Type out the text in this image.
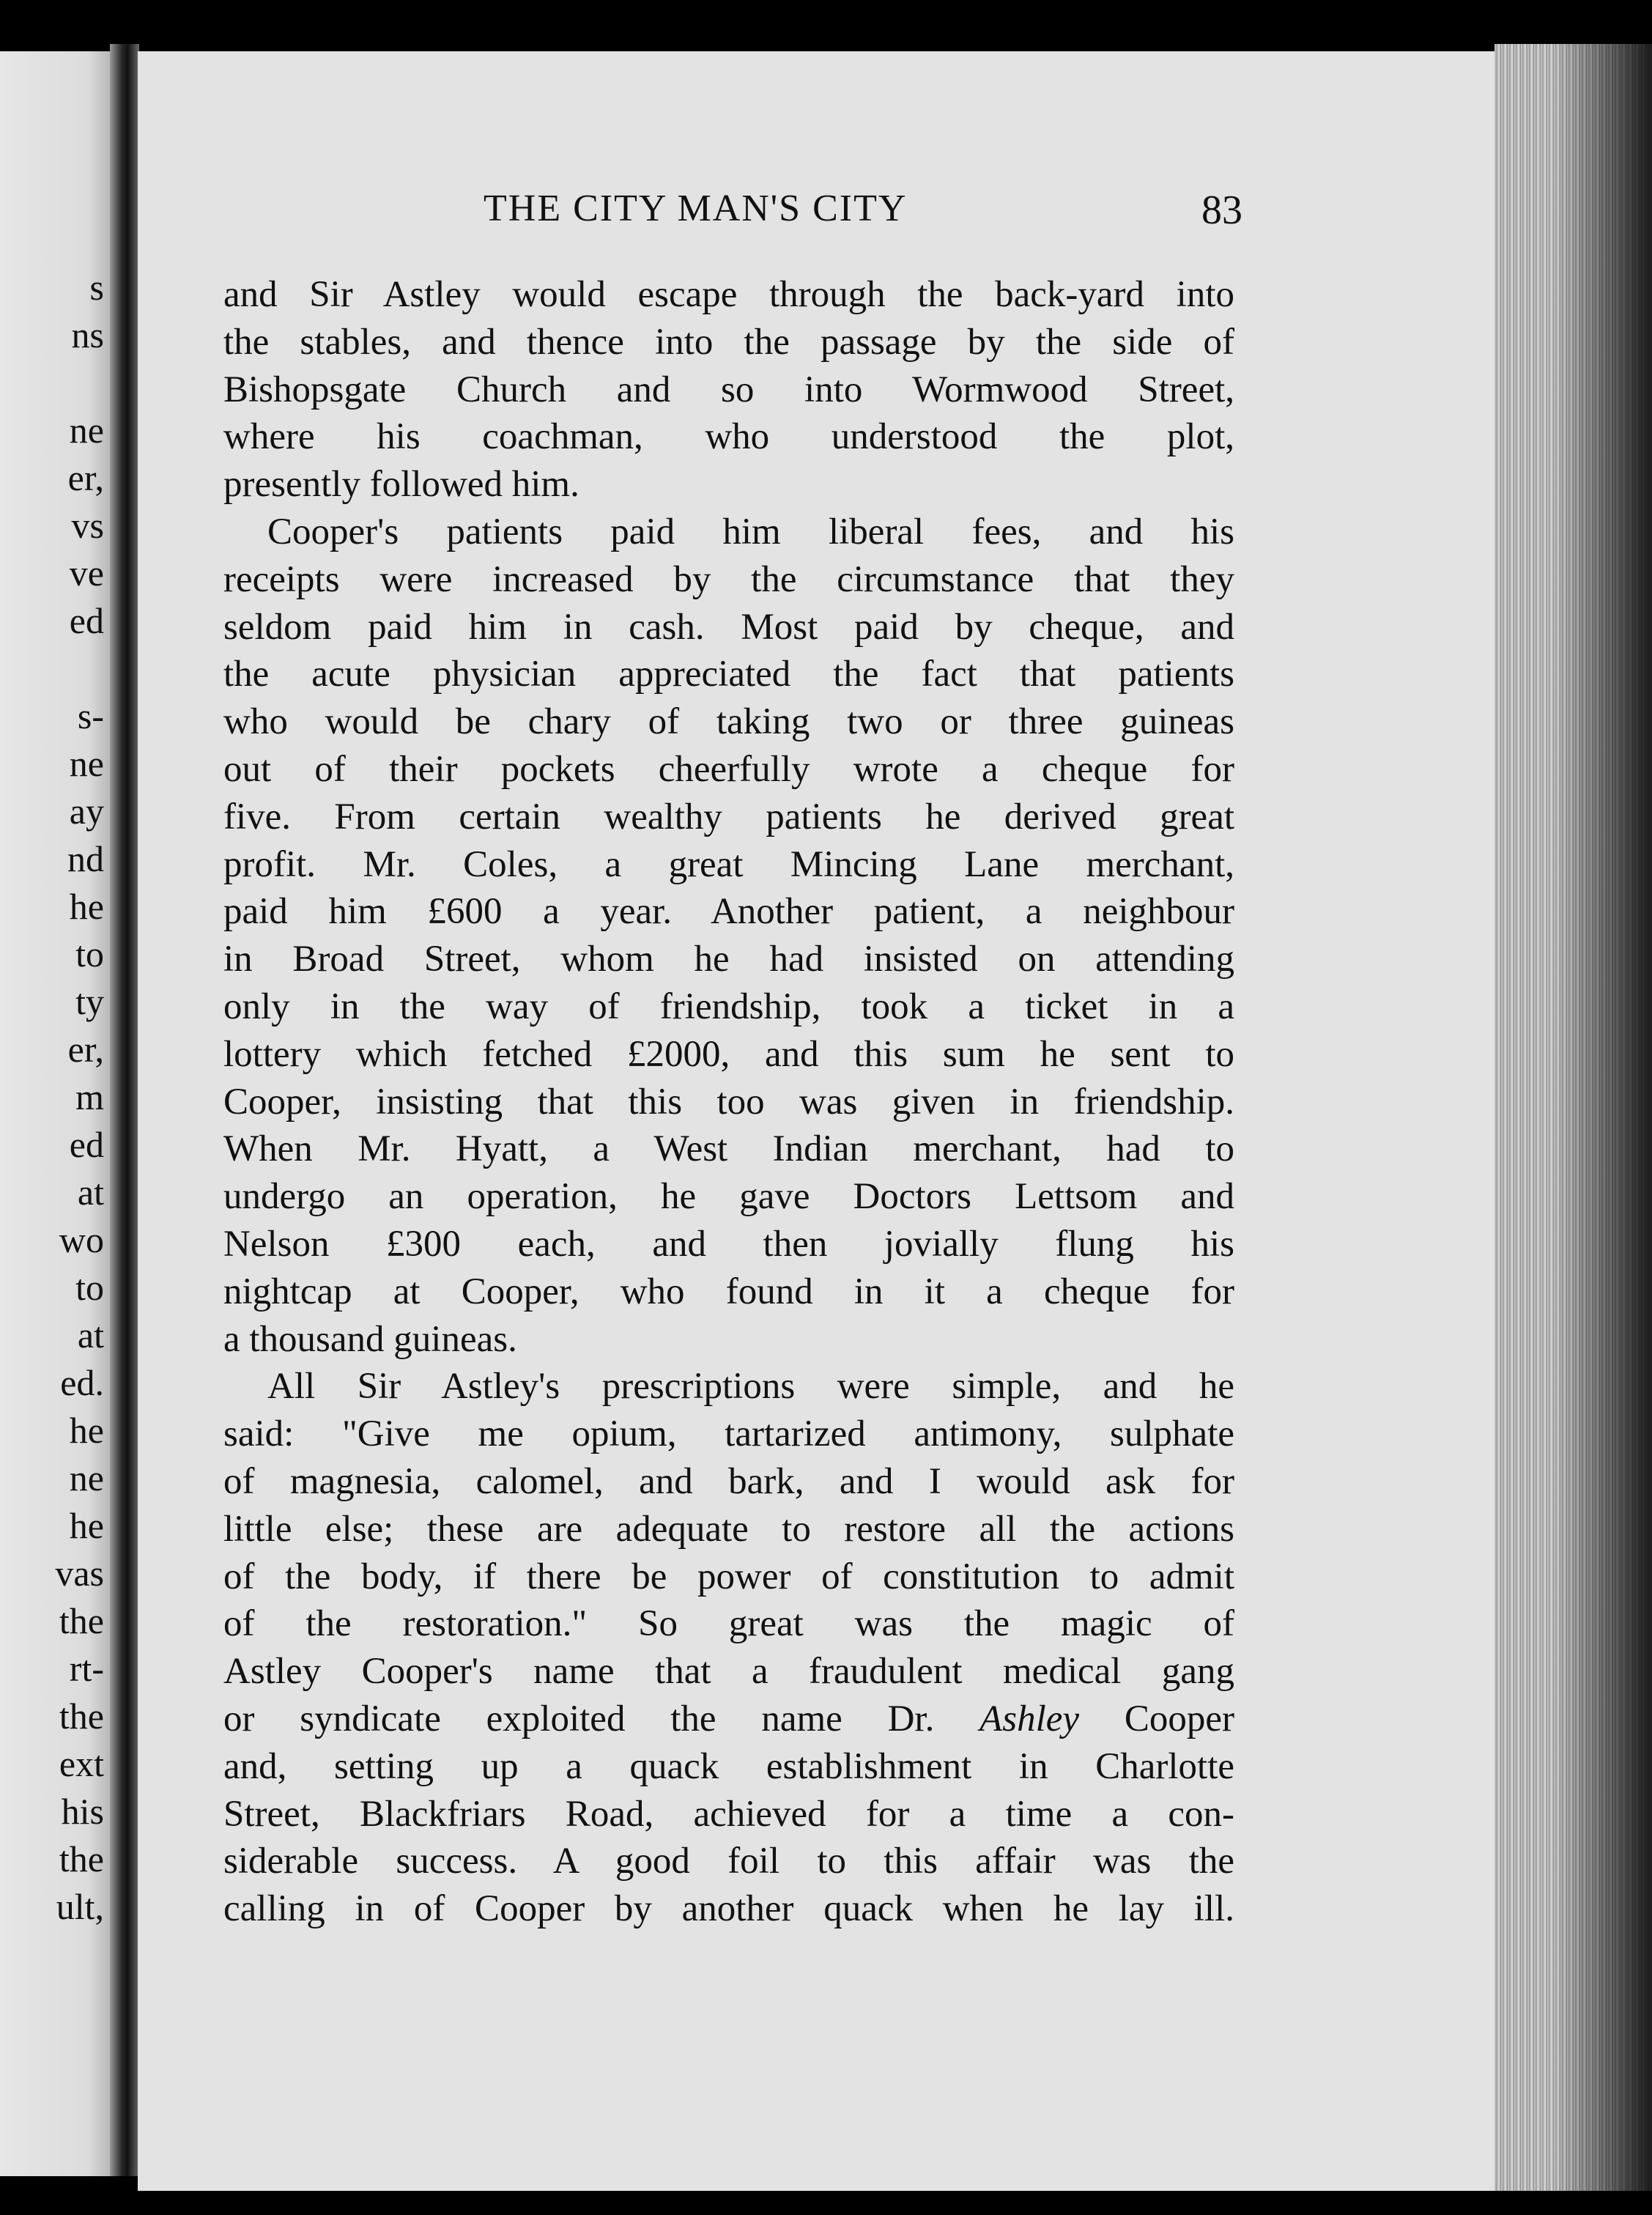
s
ns
ne
er,
vs
ve
ed
s-
ne
ay
nd
he
to
ty
er,
m
ed
at
wo
to
at
ed.
he
ne
he
vas
the
rt-
the
ext
his
the
ult,
THE CITY MAN'S CITY	83
and Sir Astley would escape through the back-yard into
the stables, and thence into the passage by the side of
Bishopsgate Church and so into Wormwood Street,
where his coachman, who understood the plot,
presently followed him.
Cooper's patients paid him liberal fees, and his
receipts were increased by the circumstance that they
seldom paid him in cash. Most paid by cheque, and
the acute physician appreciated the fact that patients
who would be chary of taking two or three guineas
out of their pockets cheerfully wrote a cheque for
five. From certain wealthy patients he derived great
profit. Mr. Coles, a great Mincing Lane merchant,
paid him £600 a year. Another patient, a neighbour
in Broad Street, whom he had insisted on attending
only in the way of friendship, took a ticket in a
lottery which fetched £2000, and this sum he sent to
Cooper, insisting that this too was given in friendship.
When Mr. Hyatt, a West Indian merchant, had to
undergo an operation, he gave Doctors Lettsom and
Nelson £300 each, and then jovially flung his
nightcap at Cooper, who found in it a cheque for
a thousand guineas.
All Sir Astley's prescriptions were simple, and he
said: "Give me opium, tartarized antimony, sulphate
of magnesia, calomel, and bark, and I would ask for
little else; these are adequate to restore all the actions
of the body, if there be power of constitution to admit
of the restoration." So great was the magic of
Astley Cooper's name that a fraudulent medical gang
or syndicate exploited the name Dr. Ashley Cooper
and, setting up a quack establishment in Charlotte
Street, Blackfriars Road, achieved for a time a con-
siderable success. A good foil to this affair was the
calling in of Cooper by another quack when he lay ill.
